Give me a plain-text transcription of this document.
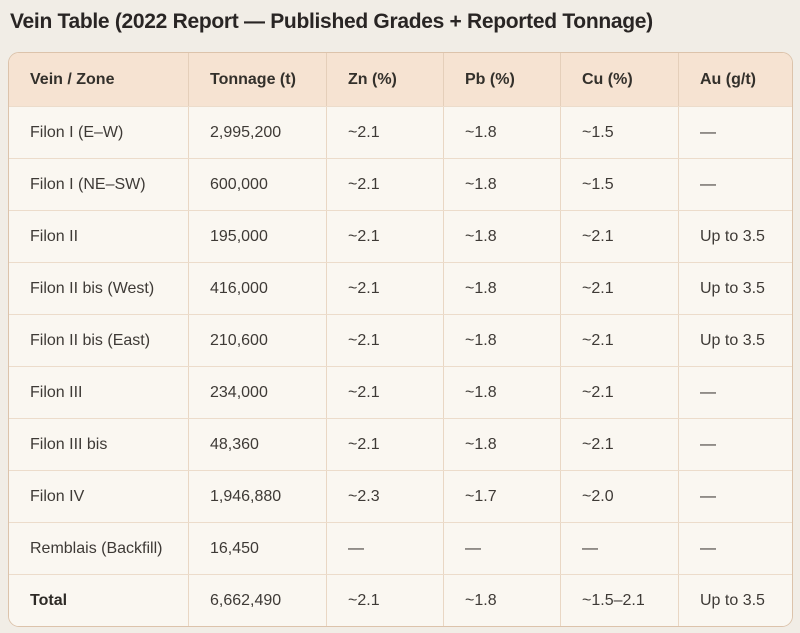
Vein Table (2022 Report — Published Grades + Reported Tonnage)
Vein / Zone	Tonnage (t)	Zn (%)	Pb (%)	Cu (%)	Au (g/t)
Filon I (E–W)	2,995,200	~2.1	~1.8	~1.5	—
Filon I (NE–SW)	600,000	~2.1	~1.8	~1.5	—
Filon II	195,000	~2.1	~1.8	~2.1	Up to 3.5
Filon II bis (West)	416,000	~2.1	~1.8	~2.1	Up to 3.5
Filon II bis (East)	210,600	~2.1	~1.8	~2.1	Up to 3.5
Filon III	234,000	~2.1	~1.8	~2.1	—
Filon III bis	48,360	~2.1	~1.8	~2.1	—
Filon IV	1,946,880	~2.3	~1.7	~2.0	—
Remblais (Backfill)	16,450	—	—	—	—
Total	6,662,490	~2.1	~1.8	~1.5–2.1	Up to 3.5
